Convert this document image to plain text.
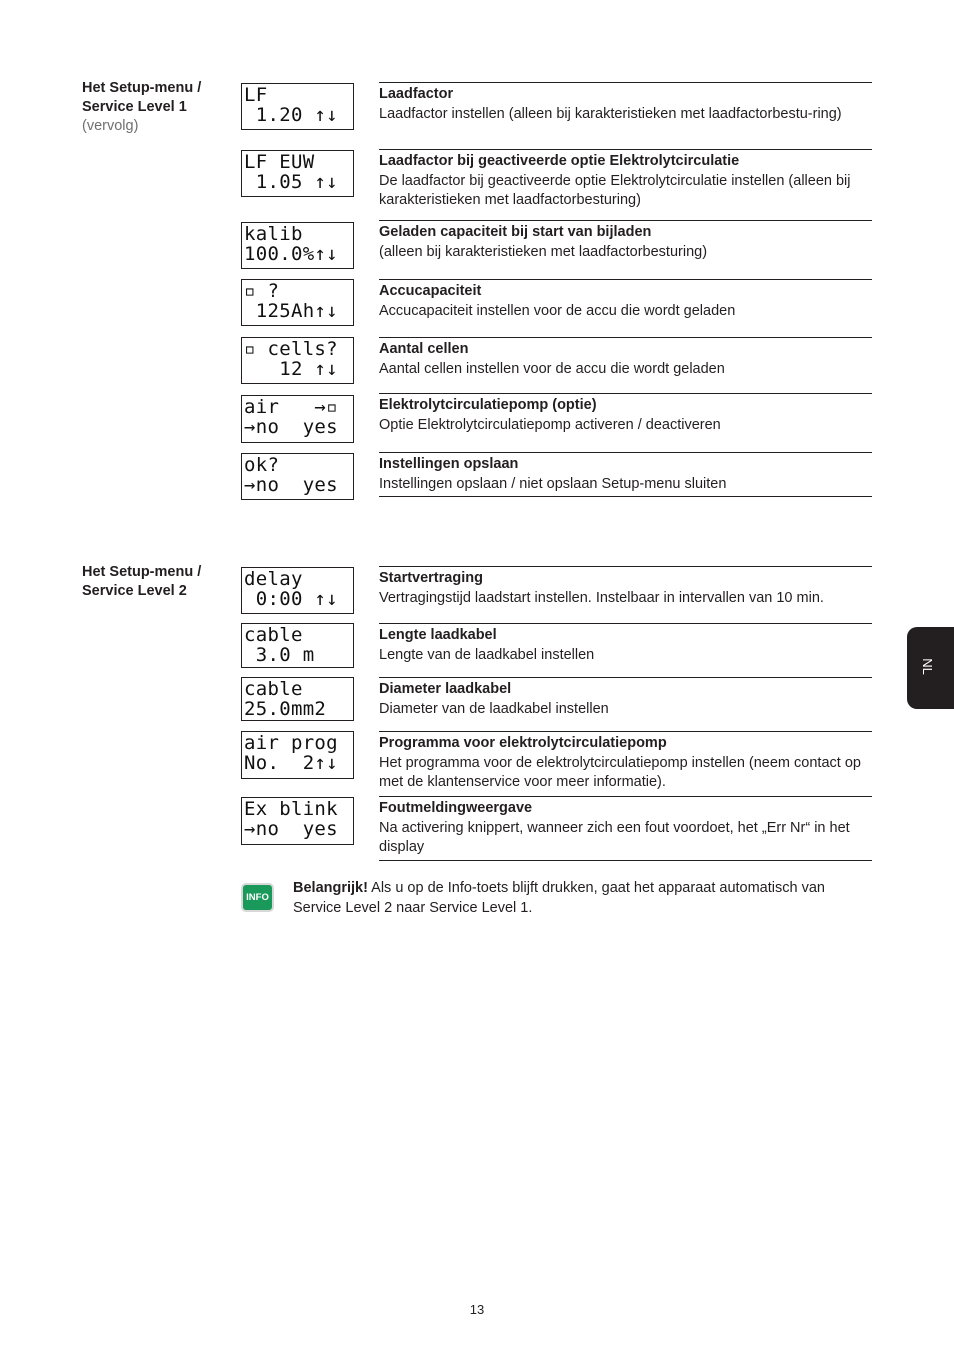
Het Setup-menu / Service Level 1
(vervolg)
LF
1.20 ↑↓
Laadfactor
Laadfactor instellen (alleen bij karakteristieken met laadfactorbestu-ring)
LF EUW
1.05 ↑↓
Laadfactor bij geactiveerde optie Elektrolytcirculatie
De laadfactor bij geactiveerde optie Elektrolytcirculatie instellen (alleen bij karakteristieken met laadfactorbesturing)
kalib
100.0%↑↓
Geladen capaciteit bij start van bijladen
(alleen bij karakteristieken met laadfactorbesturing)
▫ ?
125Ah↑↓
Accucapaciteit
Accucapaciteit instellen voor de accu die wordt geladen
▫ cells?
12 ↑↓
Aantal cellen
Aantal cellen instellen voor de accu die wordt geladen
air   →▫
→no  yes
Elektrolytcirculatiepomp (optie)
Optie Elektrolytcirculatiepomp activeren / deactiveren
ok?
→no  yes
Instellingen opslaan
Instellingen opslaan / niet opslaan Setup-menu sluiten
Het Setup-menu / Service Level 2
delay
0:00 ↑↓
Startvertraging
Vertragingstijd laadstart instellen. Instelbaar in intervallen van 10 min.
cable
3.0 m
Lengte laadkabel
Lengte van de laadkabel instellen
cable
25.0mm2
Diameter laadkabel
Diameter van de laadkabel instellen
air prog
No.  2↑↓
Programma voor elektrolytcirculatiepomp
Het programma voor de elektrolytcirculatiepomp instellen (neem contact op met de klantenservice voor meer informatie).
Ex blink
→no  yes
Foutmeldingweergave
Na activering knippert, wanneer zich een fout voordoet, het „Err Nr“ in het display
INFO
Belangrijk! Als u op de Info-toets blijft drukken, gaat het apparaat automatisch van Service Level 2 naar Service Level 1.
NL
13
